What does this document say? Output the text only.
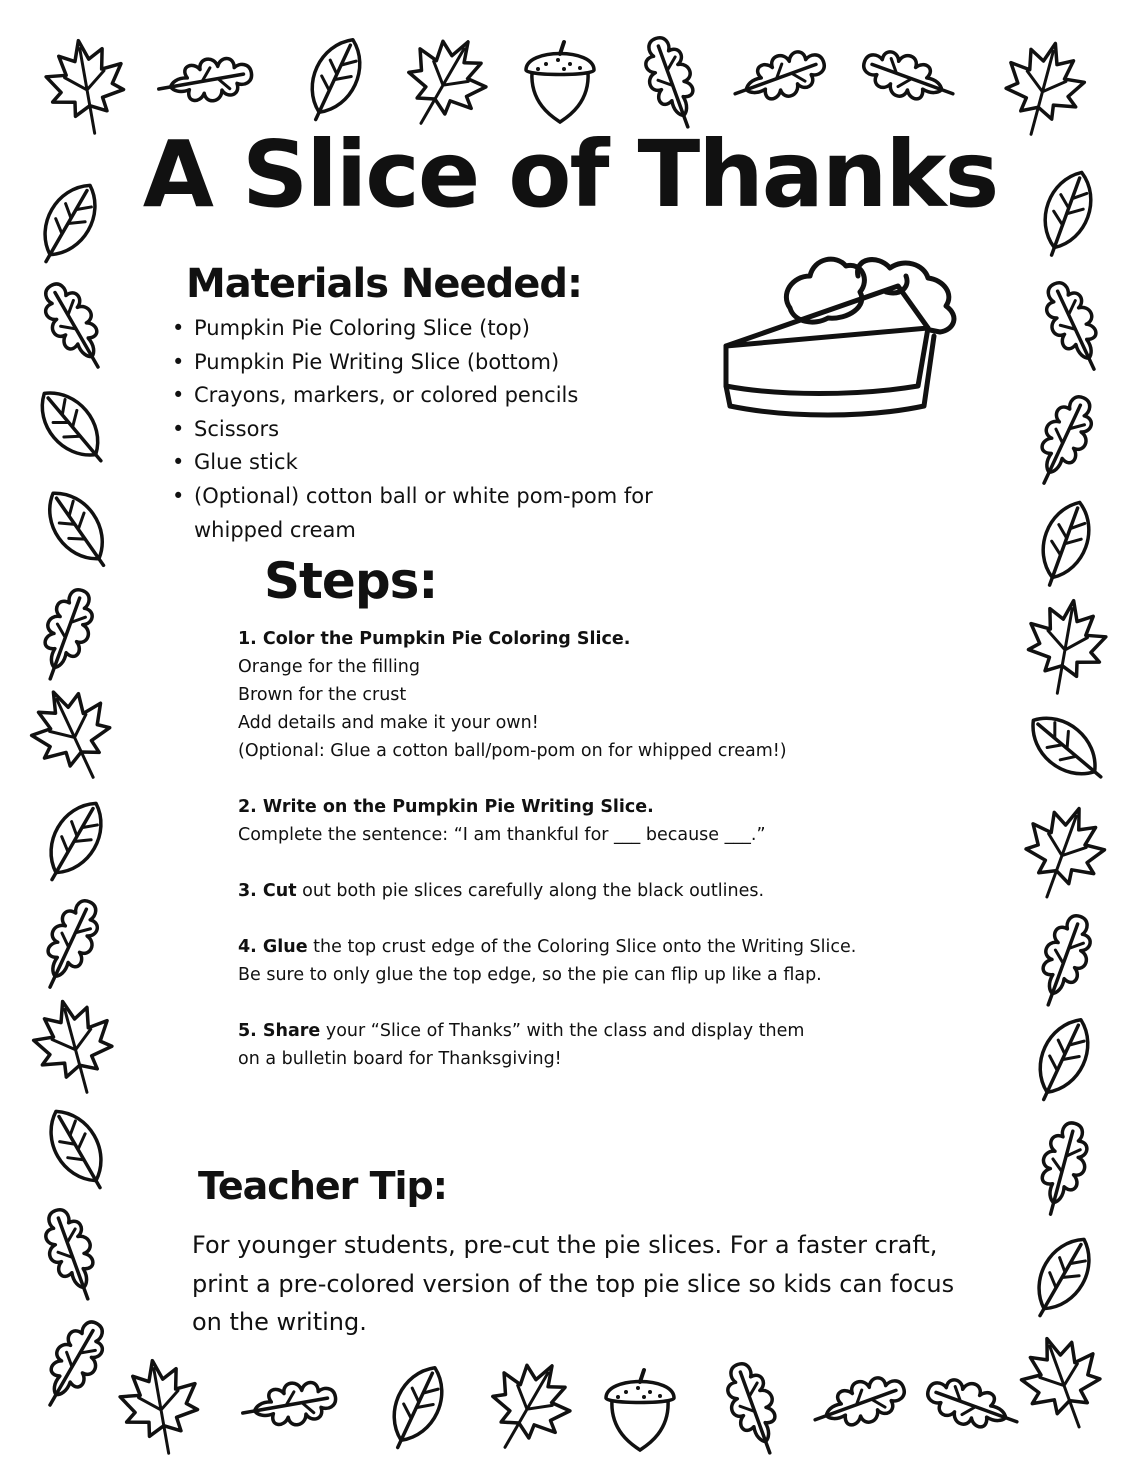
A Slice of Thanks
Materials Needed:
• Pumpkin Pie Coloring Slice (top)
• Pumpkin Pie Writing Slice (bottom)
• Crayons, markers, or colored pencils
• Scissors
• Glue stick
• (Optional) cotton ball or white pom-pom for whipped cream
Steps:
1. Color the Pumpkin Pie Coloring Slice.
Orange for the filling
Brown for the crust
Add details and make it your own!
(Optional: Glue a cotton ball/pom-pom on for whipped cream!)
2. Write on the Pumpkin Pie Writing Slice.
Complete the sentence: “I am thankful for ___ because ___.”
3. Cut out both pie slices carefully along the black outlines.
4. Glue the top crust edge of the Coloring Slice onto the Writing Slice.
Be sure to only glue the top edge, so the pie can flip up like a flap.
5. Share your “Slice of Thanks” with the class and display them on a bulletin board for Thanksgiving!
Teacher Tip:
For younger students, pre-cut the pie slices. For a faster craft, print a pre-colored version of the top pie slice so kids can focus on the writing.
